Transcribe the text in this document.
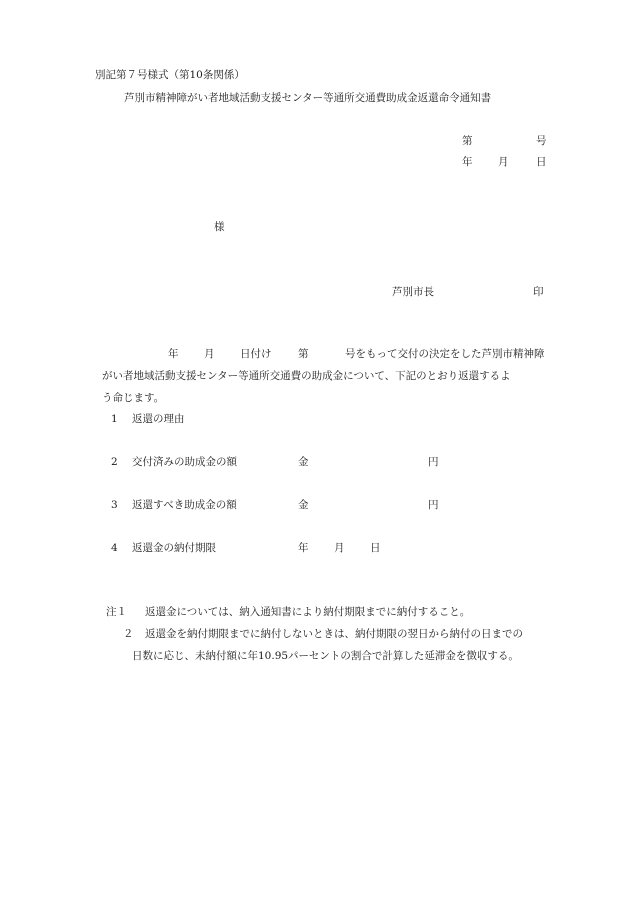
別記第７号様式（第10条関係）
芦別市精神障がい者地域活動支援センター等通所交通費助成金返還命令通知書
第	号
年 月	日
様
芦別市長	印
年 月 日付け	第	号をもって交付の決定をした芦別市精神障
がい者地域活動支援センター等通所交通費の助成金について、下記のとおり返還するよ
う命じます。
1 返還の理由
2 交付済みの助成金の額	金	円
3 返還すべき助成金の額	金	円
4 返還金の納付期限	年 月 日
注１ 返還金については、納入通知書により納付期限までに納付すること。
２ 返還金を納付期限までに納付しないときは、納付期限の翌日から納付の日までの
日数に応じ、未納付額に年10.95パーセントの割合で計算した延滞金を徴収する。
